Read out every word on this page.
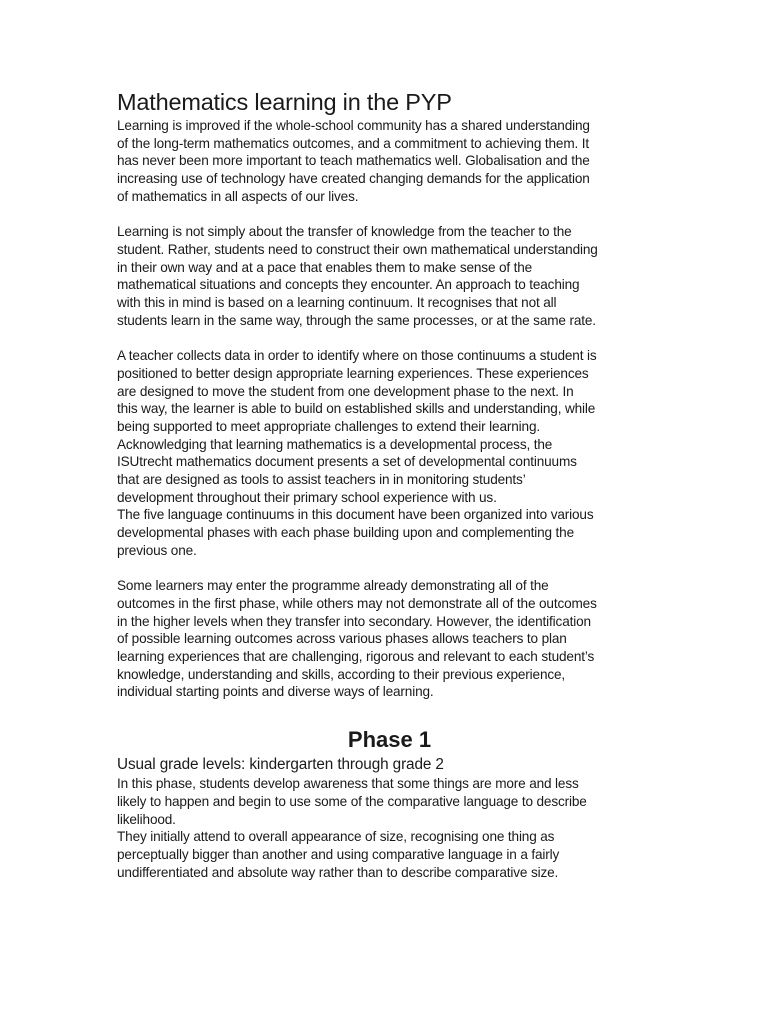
Mathematics learning in the PYP

Learning is improved if the whole-school community has a shared understanding
of the long-term mathematics outcomes, and a commitment to achieving them. It
has never been more important to teach mathematics well. Globalisation and the
increasing use of technology have created changing demands for the application
of mathematics in all aspects of our lives.

Learning is not simply about the transfer of knowledge from the teacher to the
student. Rather, students need to construct their own mathematical understanding
in their own way and at a pace that enables them to make sense of the
mathematical situations and concepts they encounter. An approach to teaching
with this in mind is based on a learning continuum. It recognises that not all
students learn in the same way, through the same processes, or at the same rate.

A teacher collects data in order to identify where on those continuums a student is
positioned to better design appropriate learning experiences. These experiences
are designed to move the student from one development phase to the next. In
this way, the learner is able to build on established skills and understanding, while
being supported to meet appropriate challenges to extend their learning.
Acknowledging that learning mathematics is a developmental process, the
ISUtrecht mathematics document presents a set of developmental continuums
that are designed as tools to assist teachers in in monitoring students’
development throughout their primary school experience with us.
The five language continuums in this document have been organized into various
developmental phases with each phase building upon and complementing the
previous one.

Some learners may enter the programme already demonstrating all of the
outcomes in the first phase, while others may not demonstrate all of the outcomes
in the higher levels when they transfer into secondary. However, the identification
of possible learning outcomes across various phases allows teachers to plan
learning experiences that are challenging, rigorous and relevant to each student’s
knowledge, understanding and skills, according to their previous experience,
individual starting points and diverse ways of learning.

Phase 1

Usual grade levels: kindergarten through grade 2

In this phase, students develop awareness that some things are more and less
likely to happen and begin to use some of the comparative language to describe
likelihood.
They initially attend to overall appearance of size, recognising one thing as
perceptually bigger than another and using comparative language in a fairly
undifferentiated and absolute way rather than to describe comparative size.
